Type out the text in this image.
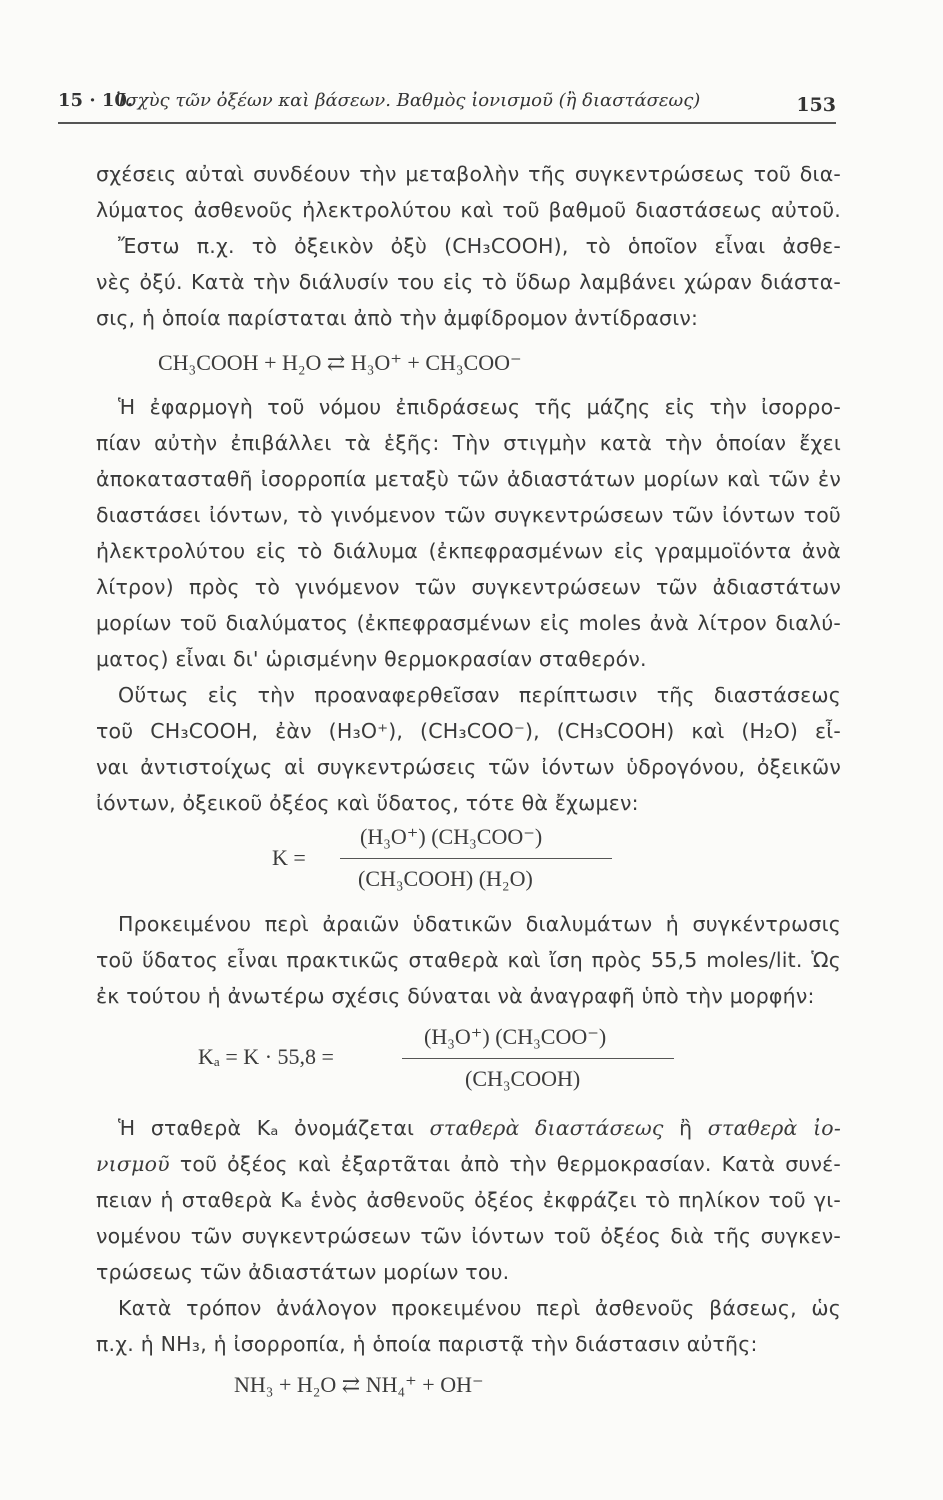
15 · 10.
Ἰσχὺς τῶν ὀξέων καὶ βάσεων. Βαθμὸς ἰονισμοῦ (ἢ διαστάσεως)	153
σχέσεις αὐταὶ συνδέουν τὴν μεταβολὴν τῆς συγκεντρώσεως τοῦ δια-
λύματος ἀσθενοῦς ἠλεκτρολύτου καὶ τοῦ βαθμοῦ διαστάσεως αὐτοῦ.
Ἔστω π.χ. τὸ ὀξεικὸν ὀξὺ (CH₃COOH), τὸ ὁποῖον εἶναι ἀσθε-
νὲς ὀξύ. Κατὰ τὴν διάλυσίν του εἰς τὸ ὕδωρ λαμβάνει χώραν διάστα-
σις, ἡ ὁποία παρίσταται ἀπὸ τὴν ἀμφίδρομον ἀντίδρασιν:
Ἡ ἐφαρμογὴ τοῦ νόμου ἐπιδράσεως τῆς μάζης εἰς τὴν ἰσορρο-
πίαν αὐτὴν ἐπιβάλλει τὰ ἑξῆς: Τὴν στιγμὴν κατὰ τὴν ὁποίαν ἔχει
ἀποκατασταθῆ ἰσορροπία μεταξὺ τῶν ἀδιαστάτων μορίων καὶ τῶν ἐν
διαστάσει ἰόντων, τὸ γινόμενον τῶν συγκεντρώσεων τῶν ἰόντων τοῦ
ἠλεκτρολύτου εἰς τὸ διάλυμα (ἐκπεφρασμένων εἰς γραμμοϊόντα ἀνὰ
λίτρον) πρὸς τὸ γινόμενον τῶν συγκεντρώσεων τῶν ἀδιαστάτων
μορίων τοῦ διαλύματος (ἐκπεφρασμένων εἰς moles ἀνὰ λίτρον διαλύ-
ματος) εἶναι δι' ὡρισμένην θερμοκρασίαν σταθερόν.
Οὕτως εἰς τὴν προαναφερθεῖσαν περίπτωσιν τῆς διαστάσεως
τοῦ CH₃COOH, ἐὰν (H₃O⁺), (CH₃COO⁻), (CH₃COOH) καὶ (H₂O) εἶ-
ναι ἀντιστοίχως αἱ συγκεντρώσεις τῶν ἰόντων ὑδρογόνου, ὀξεικῶν
ἰόντων, ὀξεικοῦ ὀξέος καὶ ὕδατος, τότε θὰ ἔχωμεν:
Προκειμένου περὶ ἀραιῶν ὑδατικῶν διαλυμάτων ἡ συγκέντρωσις
τοῦ ὕδατος εἶναι πρακτικῶς σταθερὰ καὶ ἴση πρὸς 55,5 moles/lit. Ὡς
ἐκ τούτου ἡ ἀνωτέρω σχέσις δύναται νὰ ἀναγραφῆ ὑπὸ τὴν μορφήν:
Ἡ σταθερὰ Kₐ ὀνομάζεται σταθερὰ διαστάσεως ἢ σταθερὰ ἰο-
νισμοῦ τοῦ ὀξέος καὶ ἐξαρτᾶται ἀπὸ τὴν θερμοκρασίαν. Κατὰ συνέ-
πειαν ἡ σταθερὰ Kₐ ἑνὸς ἀσθενοῦς ὀξέος ἐκφράζει τὸ πηλίκον τοῦ γι-
νομένου τῶν συγκεντρώσεων τῶν ἰόντων τοῦ ὀξέος διὰ τῆς συγκεν-
τρώσεως τῶν ἀδιαστάτων μορίων του.
Κατὰ τρόπον ἀνάλογον προκειμένου περὶ ἀσθενοῦς βάσεως, ὡς
π.χ. ἡ NH₃, ἡ ἰσορροπία, ἡ ὁποία παριστᾷ τὴν διάστασιν αὐτῆς:
CH₃COOH + H₂O ⇄ H₃O⁺ + CH₃COO⁻
K =
(H₃O⁺) (CH₃COO⁻)
(CH₃COOH) (H₂O)
Kₐ = K · 55,8 =
(H₃O⁺) (CH₃COO⁻)
(CH₃COOH)
NH₃ + H₂O ⇄ NH₄⁺ + OH⁻
